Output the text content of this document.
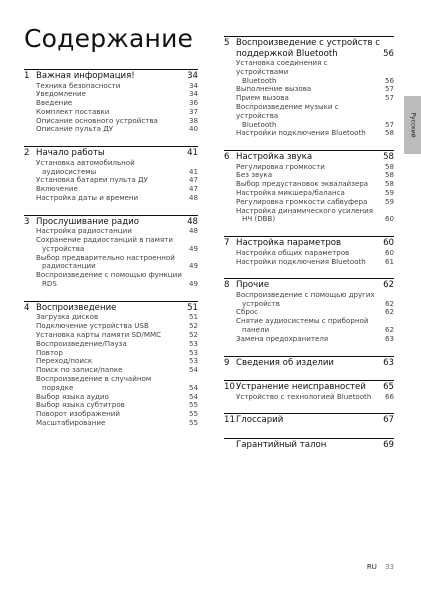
Содержание
1 Важная информация!	34
Техника безопасности	34
Уведомление	34
Введение	36
Комплект поставки	37
Описание основного устройства	38
Описание пульта ДУ	40
2 Начало работы	41
Установка автомобильной
аудиосистемы	41
Установка батареи пульта ДУ	47
Включение	47
Настройка даты и времени	48
3 Прослушивание радио	48
Настройка радиостанции	48
Сохранение радиостанций в памяти
устройства	49
Выбор предварительно настроенной
радиостанции	49
Воспроизведение с помощью функции
RDS	49
4 Воспроизведение	51
Загрузка дисков	51
Подключение устройства USB	52
Установка карты памяти SD/MMC	52
Воспроизведение/Пауза	53
Повтор	53
Переход/поиск	53
Поиск по записи/папке	54
Воспроизведение в случайном
порядке	54
Выбор языка аудио	54
Выбор языка субтитров	55
Поворот изображений	55
Масштабирование	55
5 Воспроизведение с устройств с
поддержкой Bluetooth	56
Установка соединения с устройствами
Bluetooth	56
Выполнение вызова	57
Прием вызова	57
Воспроизведение музыки с устройства
Bluetooth	57
Настройки подключения Bluetooth	58
6 Настройка звука	58
Регулировка громкости	58
Без звука	58
Выбор предустановок эквалайзера	58
Настройка микшера/баланса	59
Регулировка громкости сабвуфера	59
Настройка динамического усиления
НЧ (DBB)	60
7 Настройка параметров	60
Настройка общих параметров	60
Настройки подключения Bluetooth	61
8 Прочие	62
Воспроизведение с помощью других
устройств	62
Сброс	62
Снятие аудиосистемы с приборной
панели	62
Замена предохранителя	63
9 Сведения об изделии	63
10 Устранение неисправностей	65
Устройство с технологией Bluetooth	66
11 Глоссарий	67
Гарантийный талон	69
Русский
RU 33
